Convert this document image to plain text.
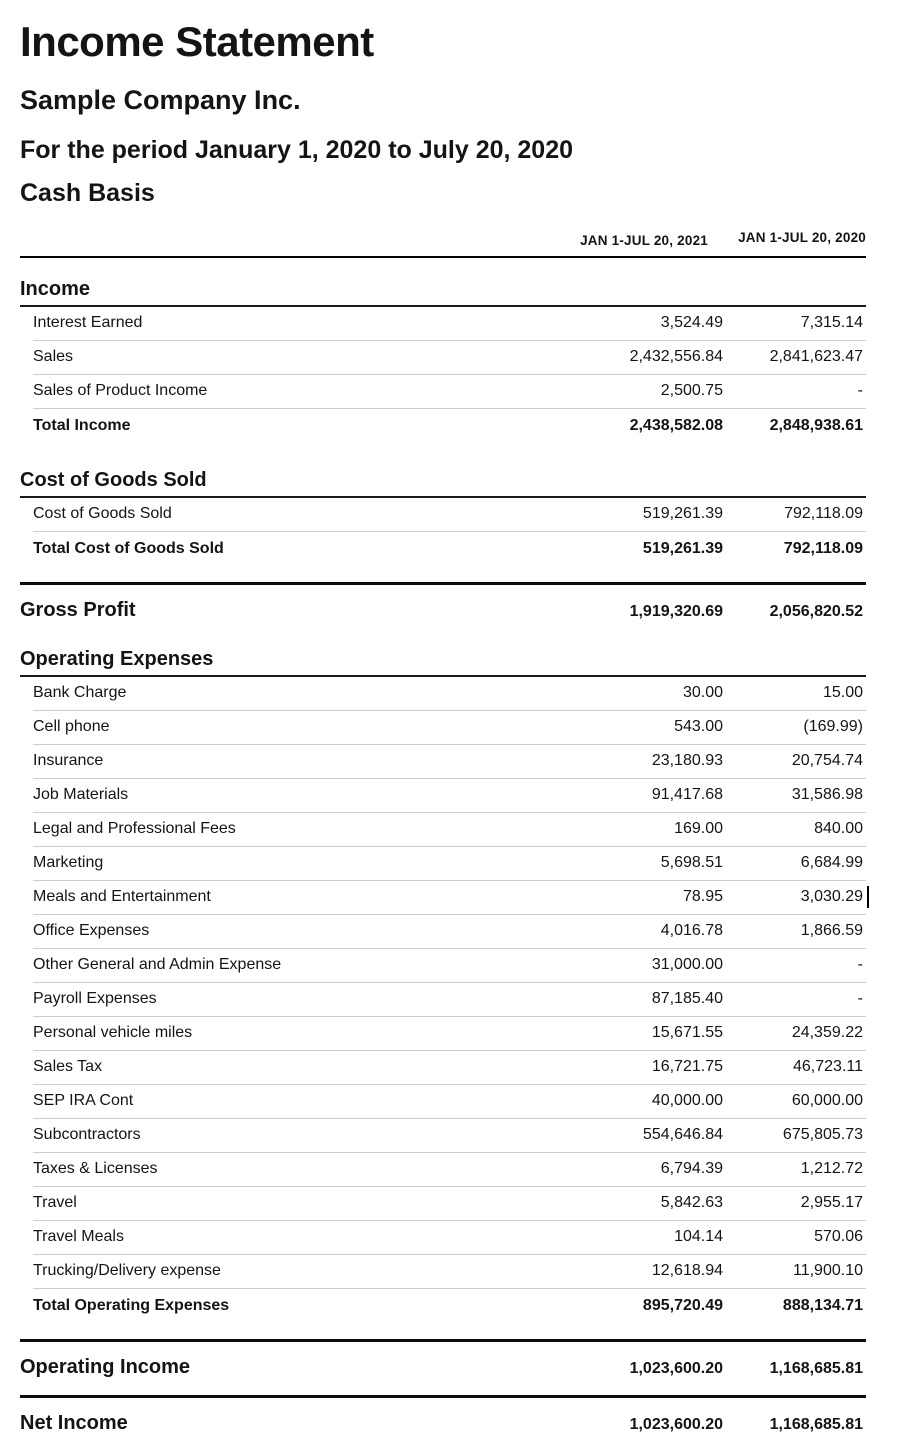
Income Statement
Sample Company Inc.
For the period January 1, 2020 to July 20, 2020
Cash Basis
JAN 1-JUL 20, 2021	JAN 1-JUL 20, 2020
Income
Interest Earned	3,524.49	7,315.14
Sales	2,432,556.84	2,841,623.47
Sales of Product Income	2,500.75	-
Total Income	2,438,582.08	2,848,938.61
Cost of Goods Sold
Cost of Goods Sold	519,261.39	792,118.09
Total Cost of Goods Sold	519,261.39	792,118.09
Gross Profit	1,919,320.69	2,056,820.52
Operating Expenses
Bank Charge	30.00	15.00
Cell phone	543.00	(169.99)
Insurance	23,180.93	20,754.74
Job Materials	91,417.68	31,586.98
Legal and Professional Fees	169.00	840.00
Marketing	5,698.51	6,684.99
Meals and Entertainment	78.95	3,030.29
Office Expenses	4,016.78	1,866.59
Other General and Admin Expense	31,000.00	-
Payroll Expenses	87,185.40	-
Personal vehicle miles	15,671.55	24,359.22
Sales Tax	16,721.75	46,723.11
SEP IRA Cont	40,000.00	60,000.00
Subcontractors	554,646.84	675,805.73
Taxes & Licenses	6,794.39	1,212.72
Travel	5,842.63	2,955.17
Travel Meals	104.14	570.06
Trucking/Delivery expense	12,618.94	11,900.10
Total Operating Expenses	895,720.49	888,134.71
Operating Income	1,023,600.20	1,168,685.81
Net Income	1,023,600.20	1,168,685.81
